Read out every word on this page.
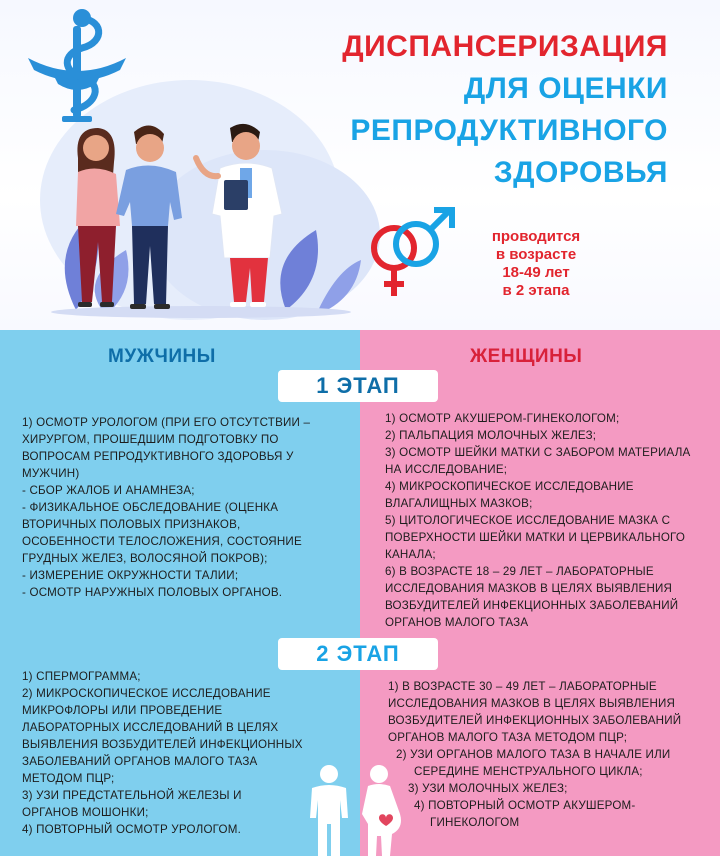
ДИСПАНСЕРИЗАЦИЯ
ДЛЯ ОЦЕНКИ
РЕПРОДУКТИВНОГО
ЗДОРОВЬЯ
проводится
в возрасте
18-49 лет
в 2 этапа
МУЖЧИНЫ	ЖЕНЩИНЫ
1 ЭТАП
2 ЭТАП
1) ОСМОТР УРОЛОГОМ (ПРИ ЕГО ОТСУТСТВИИ –
ХИРУРГОМ, ПРОШЕДШИМ ПОДГОТОВКУ ПО
ВОПРОСАМ РЕПРОДУКТИВНОГО ЗДОРОВЬЯ У
МУЖЧИН)
- СБОР ЖАЛОБ И АНАМНЕЗА;
- ФИЗИКАЛЬНОЕ ОБСЛЕДОВАНИЕ (ОЦЕНКА
ВТОРИЧНЫХ ПОЛОВЫХ ПРИЗНАКОВ,
ОСОБЕННОСТИ ТЕЛОСЛОЖЕНИЯ, СОСТОЯНИЕ
ГРУДНЫХ ЖЕЛЕЗ, ВОЛОСЯНОЙ ПОКРОВ);
- ИЗМЕРЕНИЕ ОКРУЖНОСТИ ТАЛИИ;
- ОСМОТР НАРУЖНЫХ ПОЛОВЫХ ОРГАНОВ.
1) ОСМОТР АКУШЕРОМ-ГИНЕКОЛОГОМ;
2) ПАЛЬПАЦИЯ МОЛОЧНЫХ ЖЕЛЕЗ;
3) ОСМОТР ШЕЙКИ МАТКИ С ЗАБОРОМ МАТЕРИАЛА
НА ИССЛЕДОВАНИЕ;
4) МИКРОСКОПИЧЕСКОЕ ИССЛЕДОВАНИЕ
ВЛАГАЛИЩНЫХ МАЗКОВ;
5) ЦИТОЛОГИЧЕСКОЕ ИССЛЕДОВАНИЕ МАЗКА С
ПОВЕРХНОСТИ ШЕЙКИ МАТКИ И ЦЕРВИКАЛЬНОГО
КАНАЛА;
6) В ВОЗРАСТЕ 18 – 29 ЛЕТ – ЛАБОРАТОРНЫЕ
ИССЛЕДОВАНИЯ МАЗКОВ В ЦЕЛЯХ ВЫЯВЛЕНИЯ
ВОЗБУДИТЕЛЕЙ ИНФЕКЦИОННЫХ ЗАБОЛЕВАНИЙ
ОРГАНОВ МАЛОГО ТАЗА
1) СПЕРМОГРАММА;
2) МИКРОСКОПИЧЕСКОЕ ИССЛЕДОВАНИЕ
МИКРОФЛОРЫ ИЛИ ПРОВЕДЕНИЕ
ЛАБОРАТОРНЫХ ИССЛЕДОВАНИЙ В ЦЕЛЯХ
ВЫЯВЛЕНИЯ ВОЗБУДИТЕЛЕЙ ИНФЕКЦИОННЫХ
ЗАБОЛЕВАНИЙ ОРГАНОВ МАЛОГО ТАЗА
МЕТОДОМ ПЦР;
3) УЗИ ПРЕДСТАТЕЛЬНОЙ ЖЕЛЕЗЫ И
ОРГАНОВ МОШОНКИ;
4) ПОВТОРНЫЙ ОСМОТР УРОЛОГОМ.
1) В ВОЗРАСТЕ 30 – 49 ЛЕТ – ЛАБОРАТОРНЫЕ
ИССЛЕДОВАНИЯ МАЗКОВ В ЦЕЛЯХ ВЫЯВЛЕНИЯ
ВОЗБУДИТЕЛЕЙ ИНФЕКЦИОННЫХ ЗАБОЛЕВАНИЙ
ОРГАНОВ МАЛОГО ТАЗА МЕТОДОМ ПЦР;
2) УЗИ ОРГАНОВ МАЛОГО ТАЗА В НАЧАЛЕ ИЛИ
СЕРЕДИНЕ МЕНСТРУАЛЬНОГО ЦИКЛА;
3) УЗИ МОЛОЧНЫХ ЖЕЛЕЗ;
4) ПОВТОРНЫЙ ОСМОТР АКУШЕРОМ-
ГИНЕКОЛОГОМ
